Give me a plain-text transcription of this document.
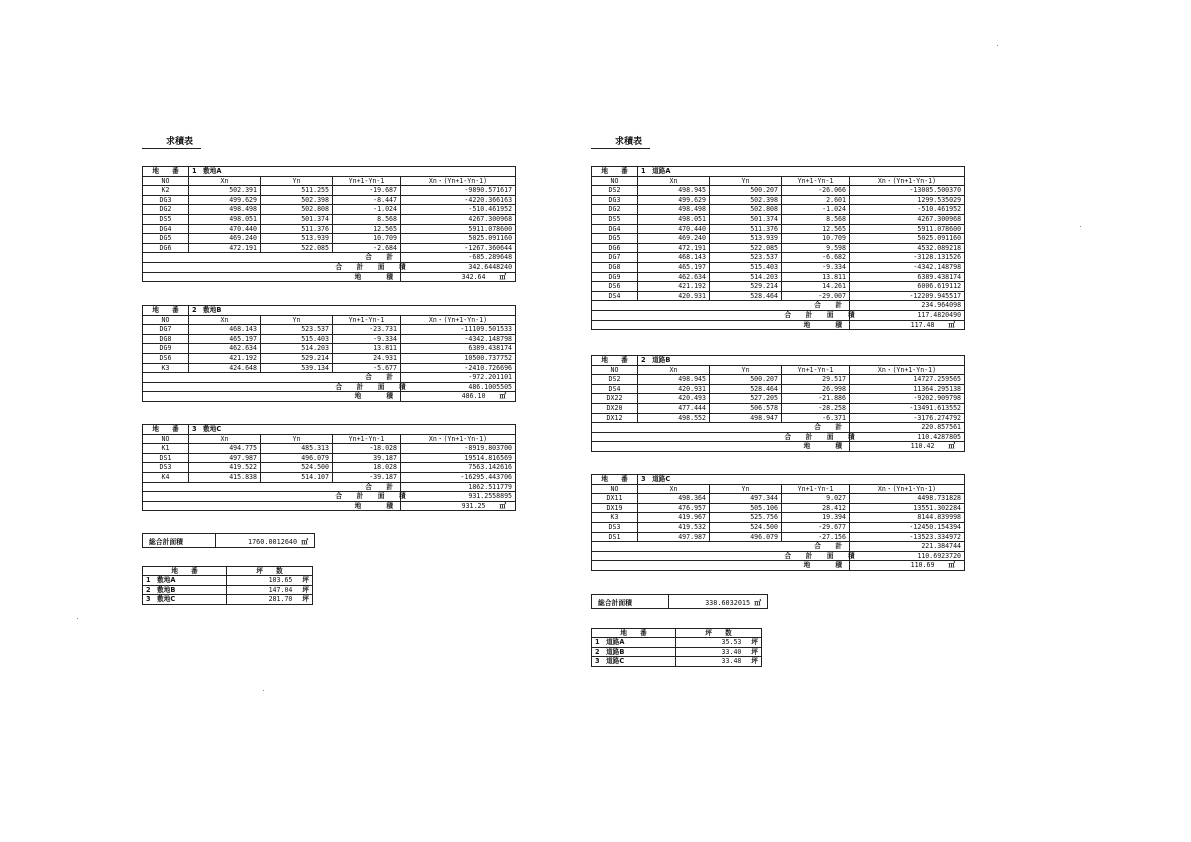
求積表
地　　番	1　敷地A			
NO	Xn	Yn	Yn+1-Yn-1	Xn・(Yn+1-Yn-1)
K2	502.391	511.255	-19.687	-9890.571617
DG3	499.629	502.398	-8.447	-4220.366163
DG2	498.498	502.808	-1.024	-510.461952
DS5	498.051	501.374	8.568	4267.300968
DG4	470.440	511.376	12.565	5911.078600
DG5	469.240	513.939	10.709	5025.091160
DG6	472.191	522.085	-2.684	-1267.360644
			合　計	-685.289648
			合　計　面　積	342.6448240
			地　　積	342.64 ㎡
地　　番	2　敷地B			
NO	Xn	Yn	Yn+1-Yn-1	Xn・(Yn+1-Yn-1)
DG7	468.143	523.537	-23.731	-11109.501533
DG8	465.197	515.403	-9.334	-4342.148798
DG9	462.634	514.203	13.811	6389.438174
DS6	421.192	529.214	24.931	10500.737752
K3	424.648	539.134	-5.677	-2410.726696
			合　計	-972.201101
			合　計　面　積	486.1005505
			地　　積	486.10 ㎡
地　　番	3　敷地C			
NO	Xn	Yn	Yn+1-Yn-1	Xn・(Yn+1-Yn-1)
K1	494.775	485.313	-18.028	-8919.803700
DS1	497.987	496.079	39.187	19514.816569
DS3	419.522	524.500	18.028	7563.142616
K4	415.838	514.107	-39.187	-16295.443706
			合　計	1862.511779
			合　計　面　積	931.2558895
			地　　積	931.25 ㎡
総合計面積	1760.0012640 ㎡
地　　番	坪　　数
1　敷地A	103.65 坪
2　敷地B	147.04 坪
3　敷地C	281.70 坪
求積表
地　　番	1　道路A			
NO	Xn	Yn	Yn+1-Yn-1	Xn・(Yn+1-Yn-1)
DS2	498.945	500.207	-26.066	-13005.500370
DG3	499.629	502.398	2.601	1299.535029
DG2	498.498	502.808	-1.024	-510.461952
DS5	498.051	501.374	8.568	4267.300968
DG4	470.440	511.376	12.565	5911.078600
DG5	469.240	513.939	10.709	5025.091160
DG6	472.191	522.085	9.598	4532.089218
DG7	468.143	523.537	-6.682	-3128.131526
DG8	465.197	515.403	-9.334	-4342.148798
DG9	462.634	514.203	13.811	6389.438174
DS6	421.192	529.214	14.261	6006.619112
DS4	420.931	528.464	-29.007	-12209.945517
			合　計	234.964098
			合　計　面　積	117.4820490
			地　　積	117.48 ㎡
地　　番	2　道路B			
NO	Xn	Yn	Yn+1-Yn-1	Xn・(Yn+1-Yn-1)
DS2	498.945	500.207	29.517	14727.259565
DS4	420.931	528.464	26.998	11364.295138
DX22	420.493	527.205	-21.886	-9202.909798
DX20	477.444	506.578	-28.258	-13491.613552
DX12	498.552	498.947	-6.371	-3176.274792
			合　計	220.857561
			合　計　面　積	110.4287805
			地　　積	110.42 ㎡
地　　番	3　道路C			
NO	Xn	Yn	Yn+1-Yn-1	Xn・(Yn+1-Yn-1)
DX11	498.364	497.344	9.027	4498.731828
DX19	476.957	505.106	28.412	13551.302284
K3	419.967	525.756	19.394	8144.839998
DS3	419.532	524.500	-29.677	-12450.154394
DS1	497.987	496.079	-27.156	-13523.334972
			合　計	221.384744
			合　計　面　積	110.6923720
			地　　積	110.69 ㎡
総合計面積	338.6032015 ㎡
地　　番	坪　　数
1　道路A	35.53 坪
2　道路B	33.40 坪
3　道路C	33.48 坪
